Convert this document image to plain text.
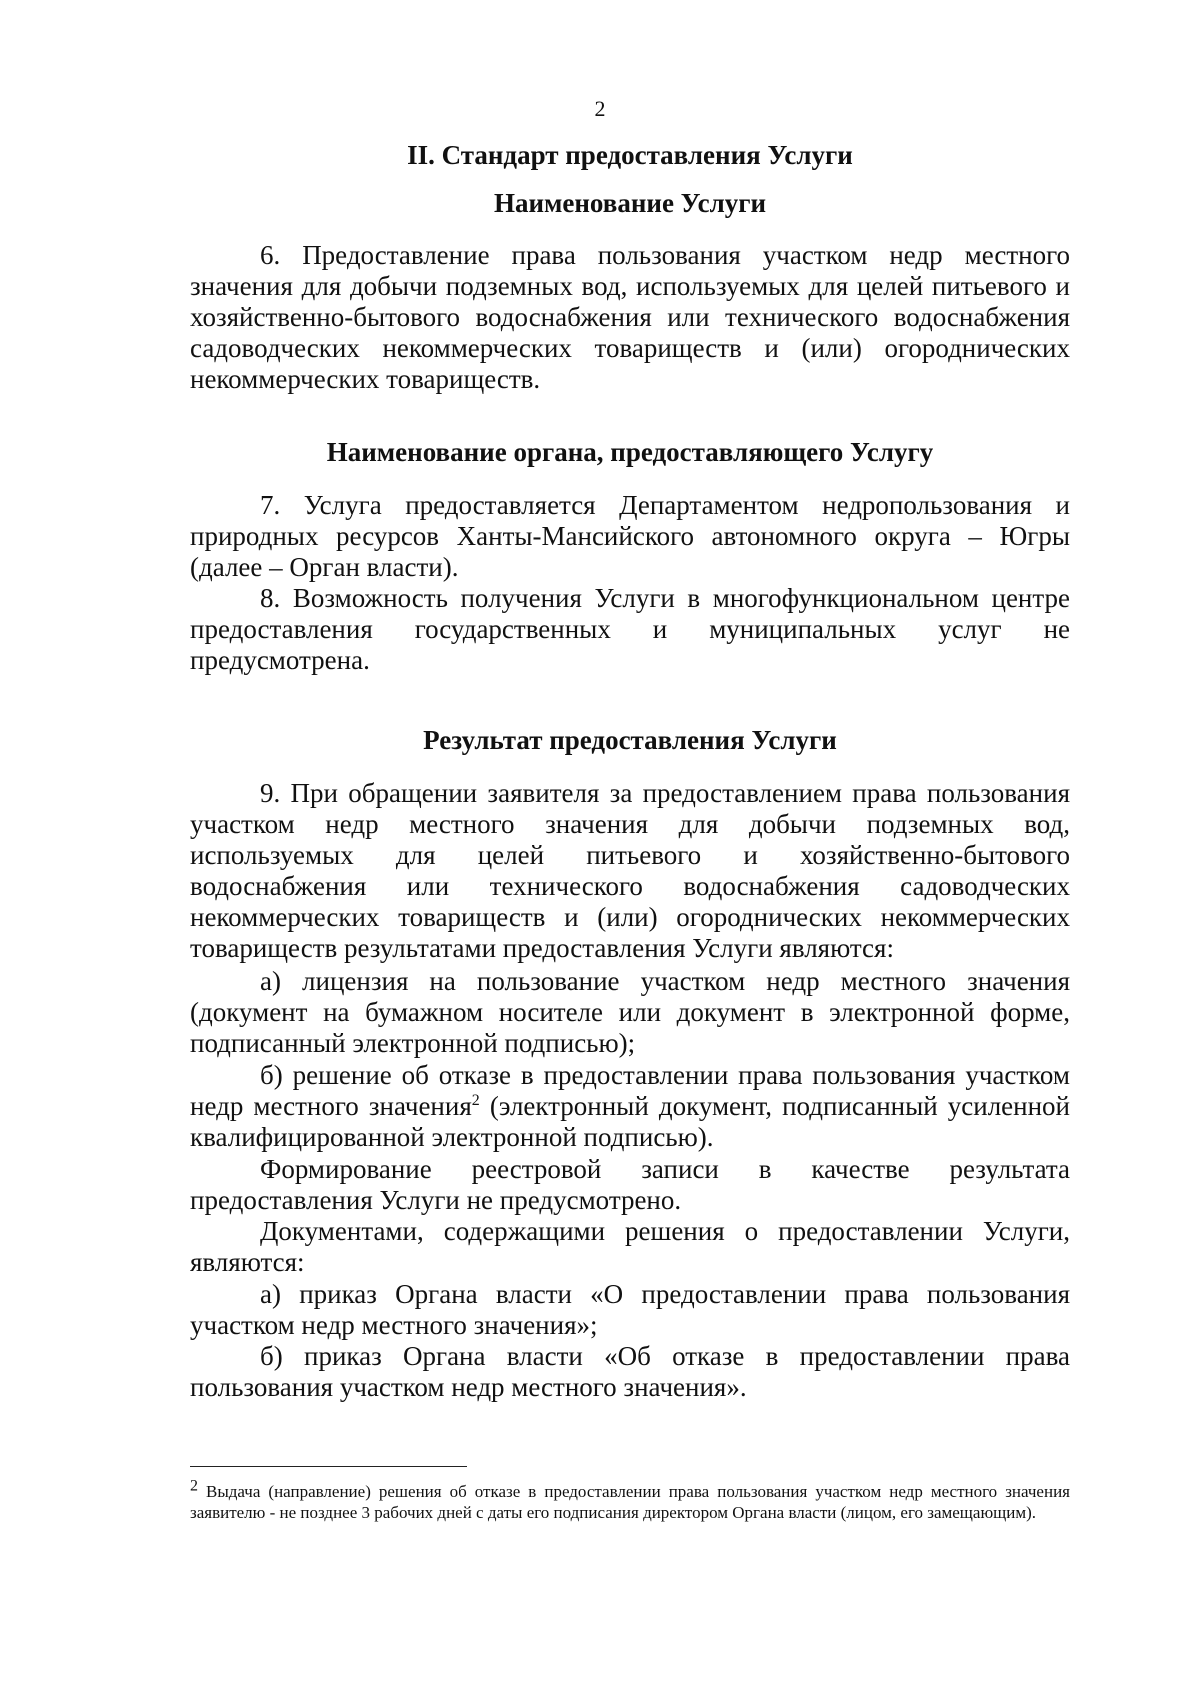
2
II. Стандарт предоставления Услуги
Наименование Услуги

6. Предоставление права пользования участком недр местного значения для добычи подземных вод, используемых для целей питьевого и хозяйственно-бытового водоснабжения или технического водоснабжения садоводческих некоммерческих товариществ и (или) огороднических некоммерческих товариществ.

Наименование органа, предоставляющего Услугу

7. Услуга предоставляется Департаментом недропользования и природных ресурсов Ханты-Мансийского автономного округа – Югры (далее – Орган власти).

8. Возможность получения Услуги в многофункциональном центре предоставления государственных и муниципальных услуг не предусмотрена.

Результат предоставления Услуги

9. При обращении заявителя за предоставлением права пользования участком недр местного значения для добычи подземных вод, используемых для целей питьевого и хозяйственно-бытового водоснабжения или технического водоснабжения садоводческих некоммерческих товариществ и (или) огороднических некоммерческих товариществ результатами предоставления Услуги являются:

а) лицензия на пользование участком недр местного значения (документ на бумажном носителе или документ в электронной форме, подписанный электронной подписью);

б) решение об отказе в предоставлении права пользования участком недр местного значения$^2$ (электронный документ, подписанный усиленной квалифицированной электронной подписью).

Формирование реестровой записи в качестве результата предоставления Услуги не предусмотрено.

Документами, содержащими решения о предоставлении Услуги, являются:

а) приказ Органа власти «О предоставлении права пользования участком недр местного значения»;

б) приказ Органа власти «Об отказе в предоставлении права пользования участком недр местного значения».

2 Выдача (направление) решения об отказе в предоставлении права пользования участком недр местного значения заявителю - не позднее 3 рабочих дней с даты его подписания директором Органа власти (лицом, его замещающим).
